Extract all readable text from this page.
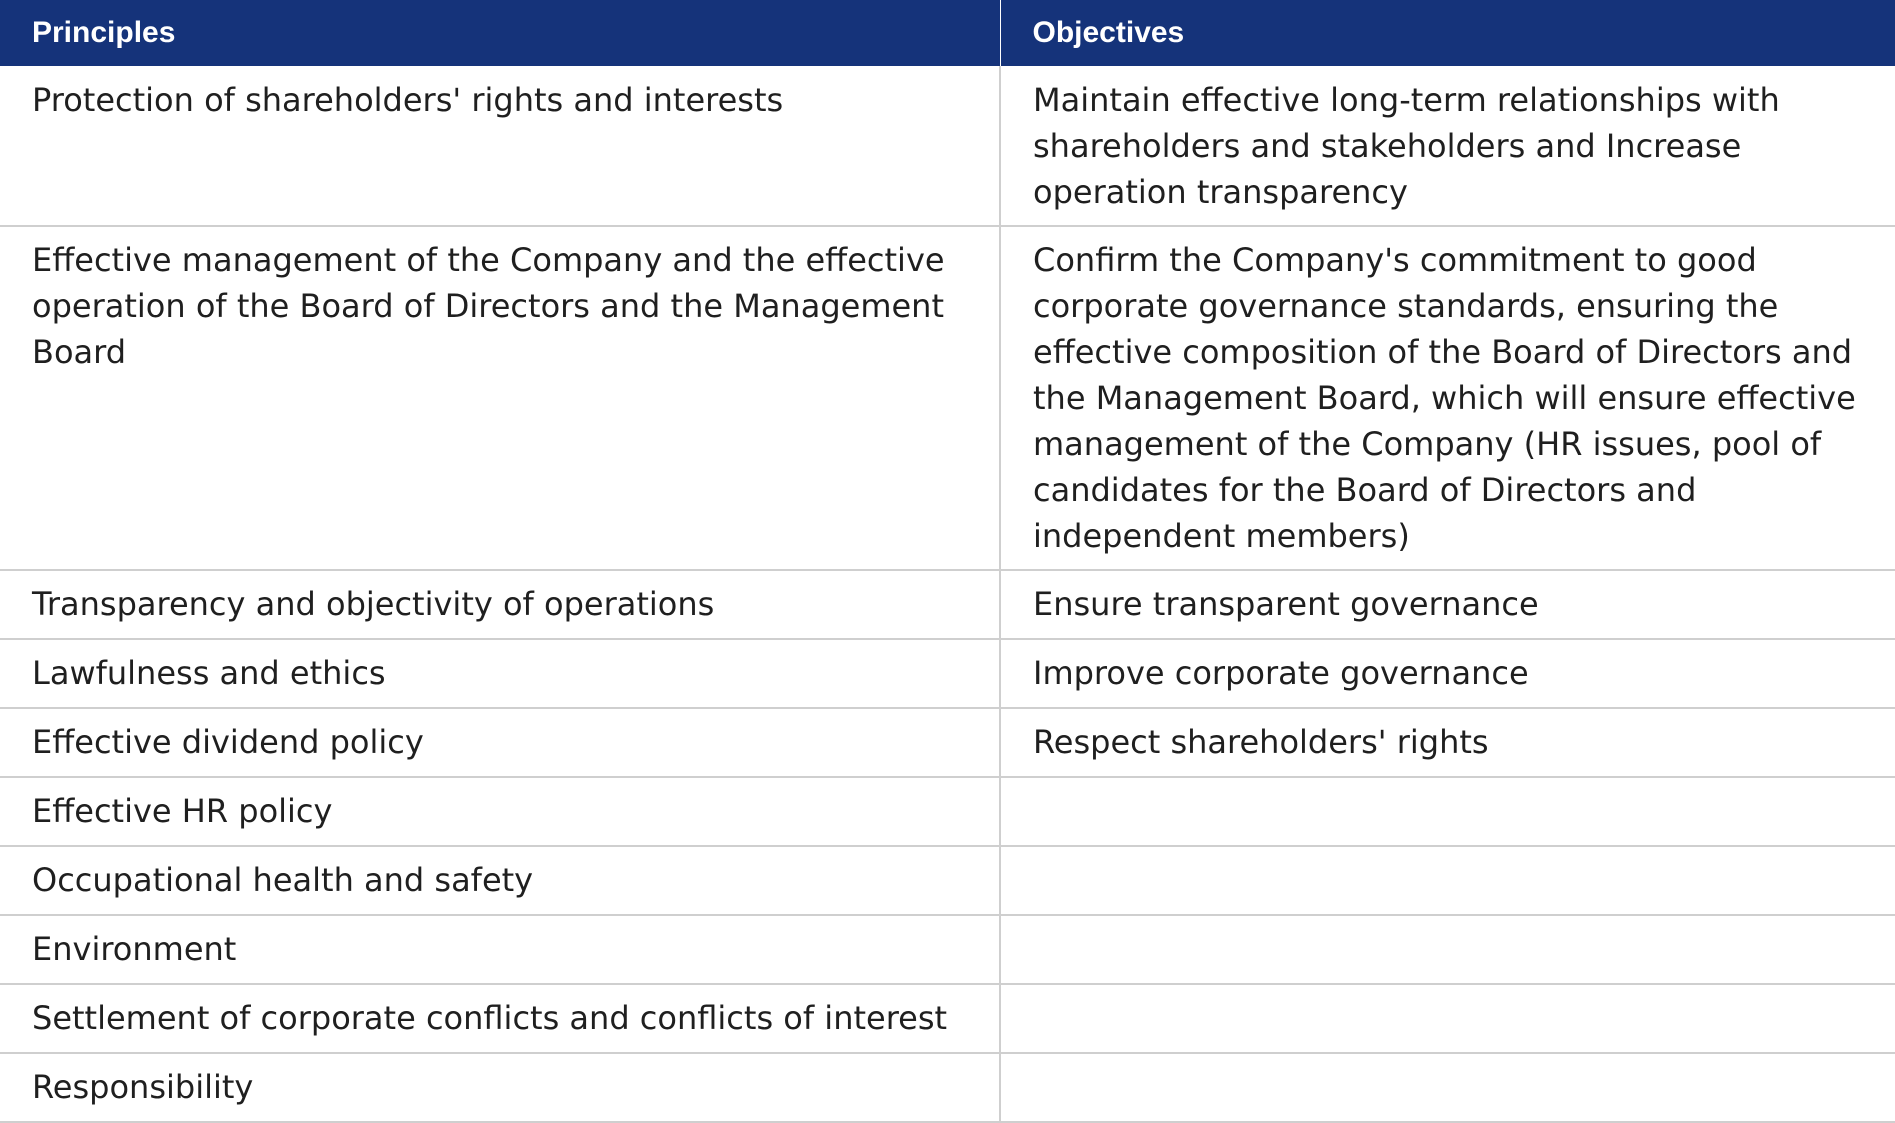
Principles	Objectives
Protection of shareholders' rights and interests	Maintain effective long-term relationships with shareholders and stakeholders and Increase operation transparency
Effective management of the Company and the effective operation of the Board of Directors and the Management Board	Confirm the Company's commitment to good corporate governance standards, ensuring the effective composition of the Board of Directors and the Management Board, which will ensure effective management of the Company (HR issues, pool of candidates for the Board of Directors and independent members)
Transparency and objectivity of operations	Ensure transparent governance
Lawfulness and ethics	Improve corporate governance
Effective dividend policy	Respect shareholders' rights
Effective HR policy	
Occupational health and safety	
Environment	
Settlement of corporate conflicts and conflicts of interest	
Responsibility	
